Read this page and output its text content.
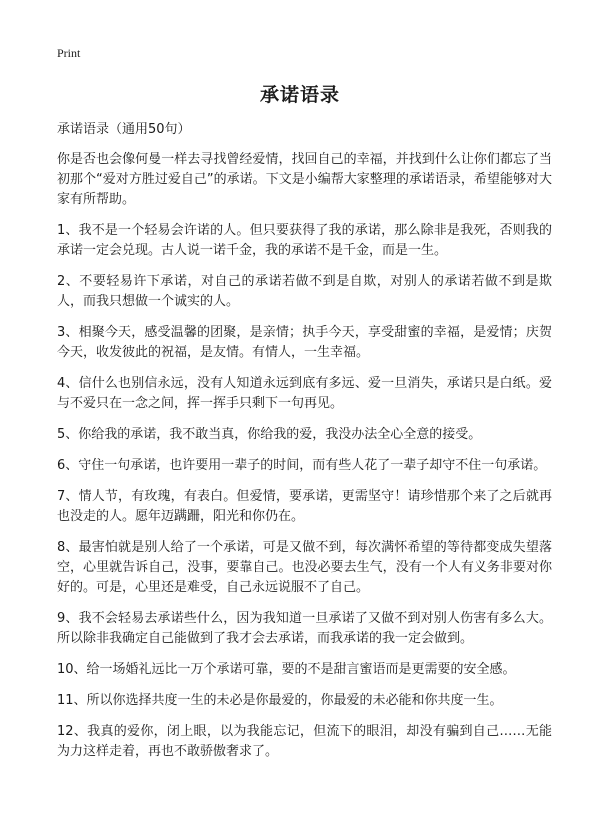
Print
承诺语录

承诺语录（通用50句）

你是否也会像何曼一样去寻找曾经爱情，找回自己的幸福，并找到什么让你们都忘了当初那个“爱对方胜过爱自己”的承诺。下文是小编帮大家整理的承诺语录，希望能够对大家有所帮助。

1、我不是一个轻易会许诺的人。但只要获得了我的承诺，那么除非是我死，否则我的承诺一定会兑现。古人说一诺千金，我的承诺不是千金，而是一生。

2、不要轻易许下承诺，对自己的承诺若做不到是自欺，对别人的承诺若做不到是欺人，而我只想做一个诚实的人。

3、相聚今天，感受温馨的团聚，是亲情；执手今天，享受甜蜜的幸福，是爱情；庆贺今天，收发彼此的祝福，是友情。有情人，一生幸福。

4、信什么也别信永远，没有人知道永远到底有多远、爱一旦消失，承诺只是白纸。爱与不爱只在一念之间，挥一挥手只剩下一句再见。

5、你给我的承诺，我不敢当真，你给我的爱，我没办法全心全意的接受。

6、守住一句承诺，也许要用一辈子的时间，而有些人花了一辈子却守不住一句承诺。

7、情人节，有玫瑰，有表白。但爱情，要承诺，更需坚守！请珍惜那个来了之后就再也没走的人。愿年迈蹒跚，阳光和你仍在。

8、最害怕就是别人给了一个承诺，可是又做不到，每次满怀希望的等待都变成失望落空，心里就告诉自己，没事，要靠自己。也没必要去生气，没有一个人有义务非要对你好的。可是，心里还是难受，自己永远说服不了自己。

9、我不会轻易去承诺些什么，因为我知道一旦承诺了又做不到对别人伤害有多么大。所以除非我确定自己能做到了我才会去承诺，而我承诺的我一定会做到。

10、给一场婚礼远比一万个承诺可靠，要的不是甜言蜜语而是更需要的安全感。

11、所以你选择共度一生的未必是你最爱的，你最爱的未必能和你共度一生。

12、我真的爱你，闭上眼，以为我能忘记，但流下的眼泪，却没有骗到自己……无能为力这样走着，再也不敢骄傲奢求了。
